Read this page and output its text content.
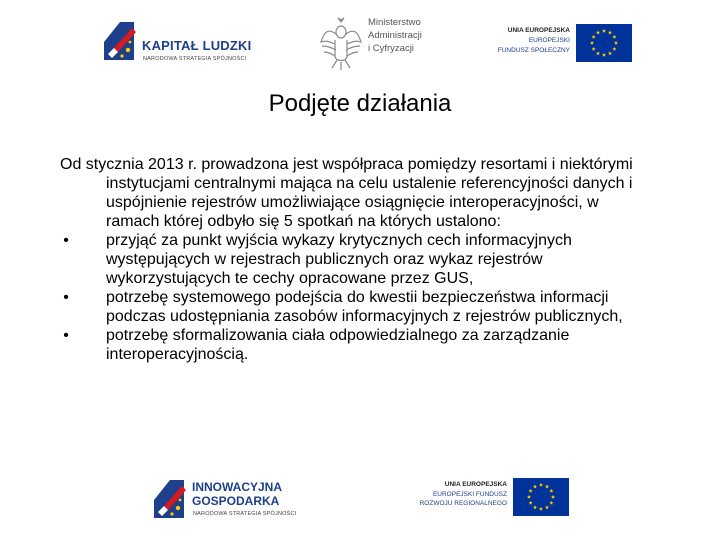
KAPITAŁ LUDZKI
NARODOWA STRATEGIA SPÓJNOŚCI
Ministerstwo
Administracji
i Cyfryzacji
UNIA EUROPEJSKA
EUROPEJSKI
FUNDUSZ SPOŁECZNY
Podjęte działania

Od stycznia 2013 r. prowadzona jest współpraca pomiędzy resortami i niektórymi instytucjami centralnymi mająca na celu ustalenie referencyjności danych i uspójnienie rejestrów umożliwiające osiągnięcie interoperacyjności, w ramach której odbyło się 5 spotkań na których ustalono:

• przyjąć za punkt wyjścia wykazy krytycznych cech informacyjnych występujących w rejestrach publicznych oraz wykaz rejestrów wykorzystujących te cechy opracowane przez GUS,
• potrzebę systemowego podejścia do kwestii bezpieczeństwa informacji podczas udostępniania zasobów informacyjnych z rejestrów publicznych,
• potrzebę sformalizowania ciała odpowiedzialnego za zarządzanie interoperacyjnością.
INNOWACYJNA
GOSPODARKA
NARODOWA STRATEGIA SPÓJNOŚCI
UNIA EUROPEJSKA
EUROPEJSKI FUNDUSZ
ROZWOJU REGIONALNEGO
